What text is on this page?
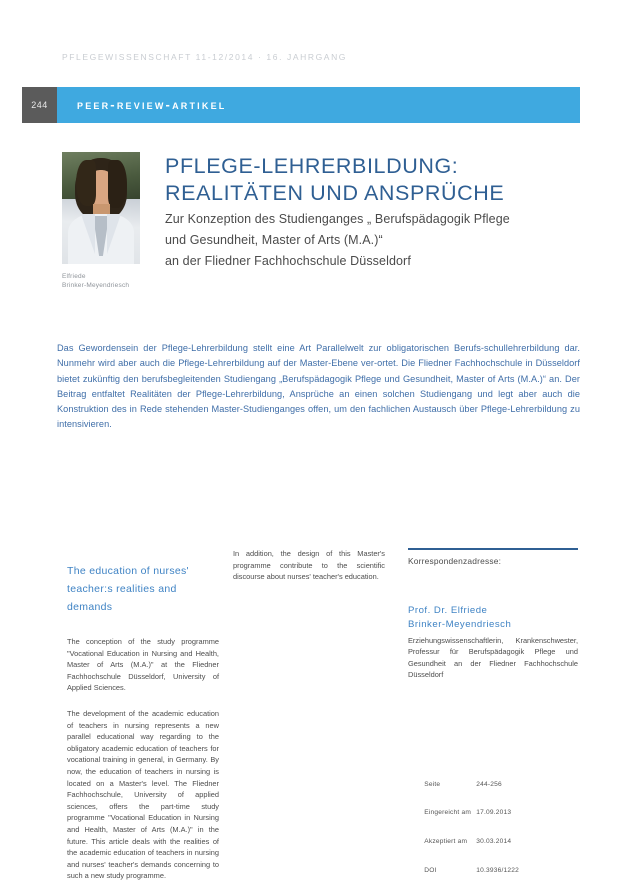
PFLEGEWISSENSCHAFT 11-12/2014 · 16. JAHRGANG
peer-review-artikel
244
Elfriede
Brinker-Meyendriesch
PFLEGE-LEHRERBILDUNG:
REALITÄTEN UND ANSPRÜCHE
Zur Konzeption des Studienganges „ Berufspädagogik Pflege
und Gesundheit, Master of Arts (M.A.)“
an der Fliedner Fachhochschule Düsseldorf
Das Gewordensein der Pflege-Lehrerbildung stellt eine Art Parallelwelt zur obligatorischen Berufs-schullehrerbildung dar. Nunmehr wird aber auch die Pflege-Lehrerbildung auf der Master-Ebene ver-ortet. Die Fliedner Fachhochschule in Düsseldorf bietet zukünftig den berufsbegleitenden Studiengang „Berufspädagogik Pflege und Gesundheit, Master of Arts (M.A.)“ an. Der Beitrag entfaltet Realitäten der Pflege-Lehrerbildung, Ansprüche an einen solchen Studiengang und legt aber auch die Konstruktion des in Rede stehenden Master-Studienganges offen, um den fachlichen Austausch über Pflege-Lehrerbildung zu intensivieren.
The education of nurses' teacher:s realities and demands

The conception of the study programme "Vocational Education in Nursing and Health, Master of Arts (M.A.)" at the Fliedner Fachhochschule Düsseldorf, University of Applied Sciences.

The development of the academic education of teachers in nursing represents a new parallel educational way regarding to the obligatory academic education of teachers for vocational training in general, in Germany. By now, the education of teachers in nursing is located on a Master's level. The Fliedner Fachhochschule, University of applied sciences, offers the part-time study programme "Vocational Education in Nursing and Health, Master of Arts (M.A.)" in the future. This article deals with the realities of the academic education of teachers in nursing and nurses' teacher's demands concerning to such a new study programme.

In addition, the design of this Master's programme contribute to the scientific discourse about nurses' teacher's education.

Korrespondenzadresse:

Prof. Dr. Elfriede
Brinker-Meyendriesch

Erziehungswissenschaftlerin, Krankenschwester, Professur für Berufspädagogik Pflege und Gesundheit an der Fliedner Fachhochschule Düsseldorf

Seite	244-256

Eingereicht am 17.09.2013

Akzeptiert am 30.03.2014

DOI	10.3936/1222
